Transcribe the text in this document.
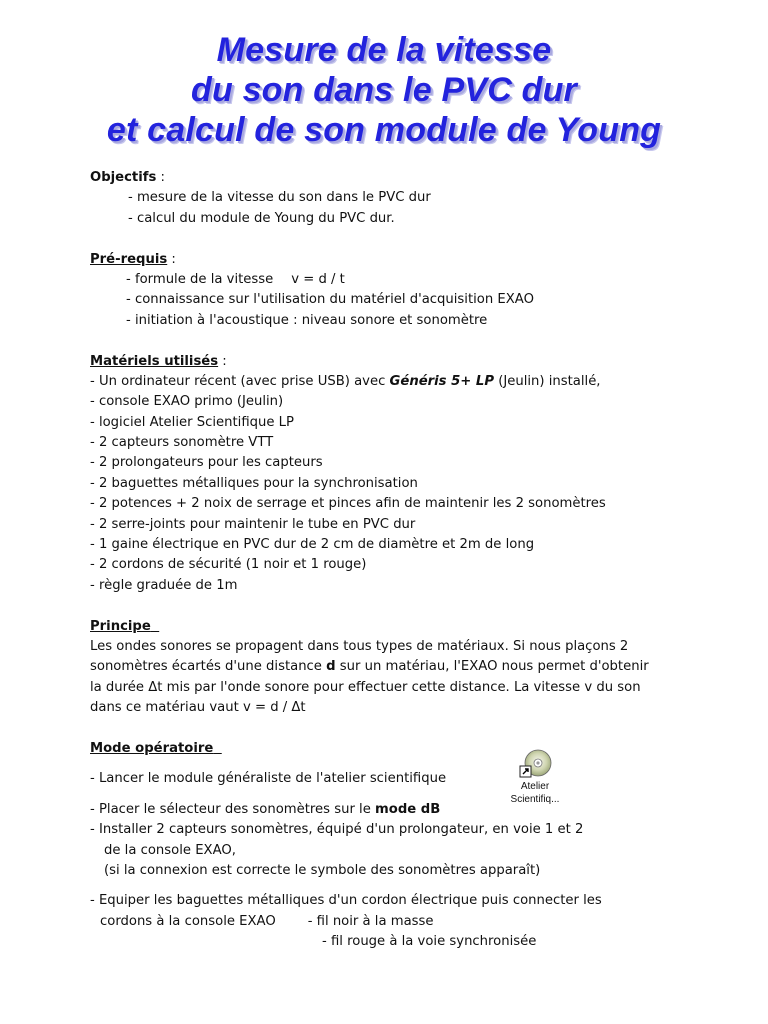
Mesure de la vitesse
du son dans le PVC dur
et calcul de son module de Young
Objectifs :
- mesure de la vitesse du son dans le PVC dur
- calcul du module de Young du PVC dur.
Pré-requis :
- formule de la vitesse v = d / t
- connaissance sur l'utilisation du matériel d'acquisition EXAO
- initiation à l'acoustique : niveau sonore et sonomètre
Matériels utilisés :
- Un ordinateur récent (avec prise USB) avec Généris 5+ LP (Jeulin) installé,
- console EXAO primo (Jeulin)
- logiciel Atelier Scientifique LP
- 2 capteurs sonomètre VTT
- 2 prolongateurs pour les capteurs
- 2 baguettes métalliques pour la synchronisation
- 2 potences + 2 noix de serrage et pinces afin de maintenir les 2 sonomètres
- 2 serre-joints pour maintenir le tube en PVC dur
- 1 gaine électrique en PVC dur de 2 cm de diamètre et 2m de long
- 2 cordons de sécurité (1 noir et 1 rouge)
- règle graduée de 1m
Principe
Les ondes sonores se propagent dans tous types de matériaux. Si nous plaçons 2
sonomètres écartés d'une distance d sur un matériau, l'EXAO nous permet d'obtenir
la durée Δt mis par l'onde sonore pour effectuer cette distance. La vitesse v du son
dans ce matériau vaut v = d / Δt
Mode opératoire
- Lancer le module généraliste de l'atelier scientifique
- Placer le sélecteur des sonomètres sur le mode dB
- Installer 2 capteurs sonomètres, équipé d'un prolongateur, en voie 1 et 2
de la console EXAO,
(si la connexion est correcte le symbole des sonomètres apparaît)
- Equiper les baguettes métalliques d'un cordon électrique puis connecter les
cordons à la console EXAO - fil noir à la masse
- fil rouge à la voie synchronisée
Atelier
Scientifiq...
